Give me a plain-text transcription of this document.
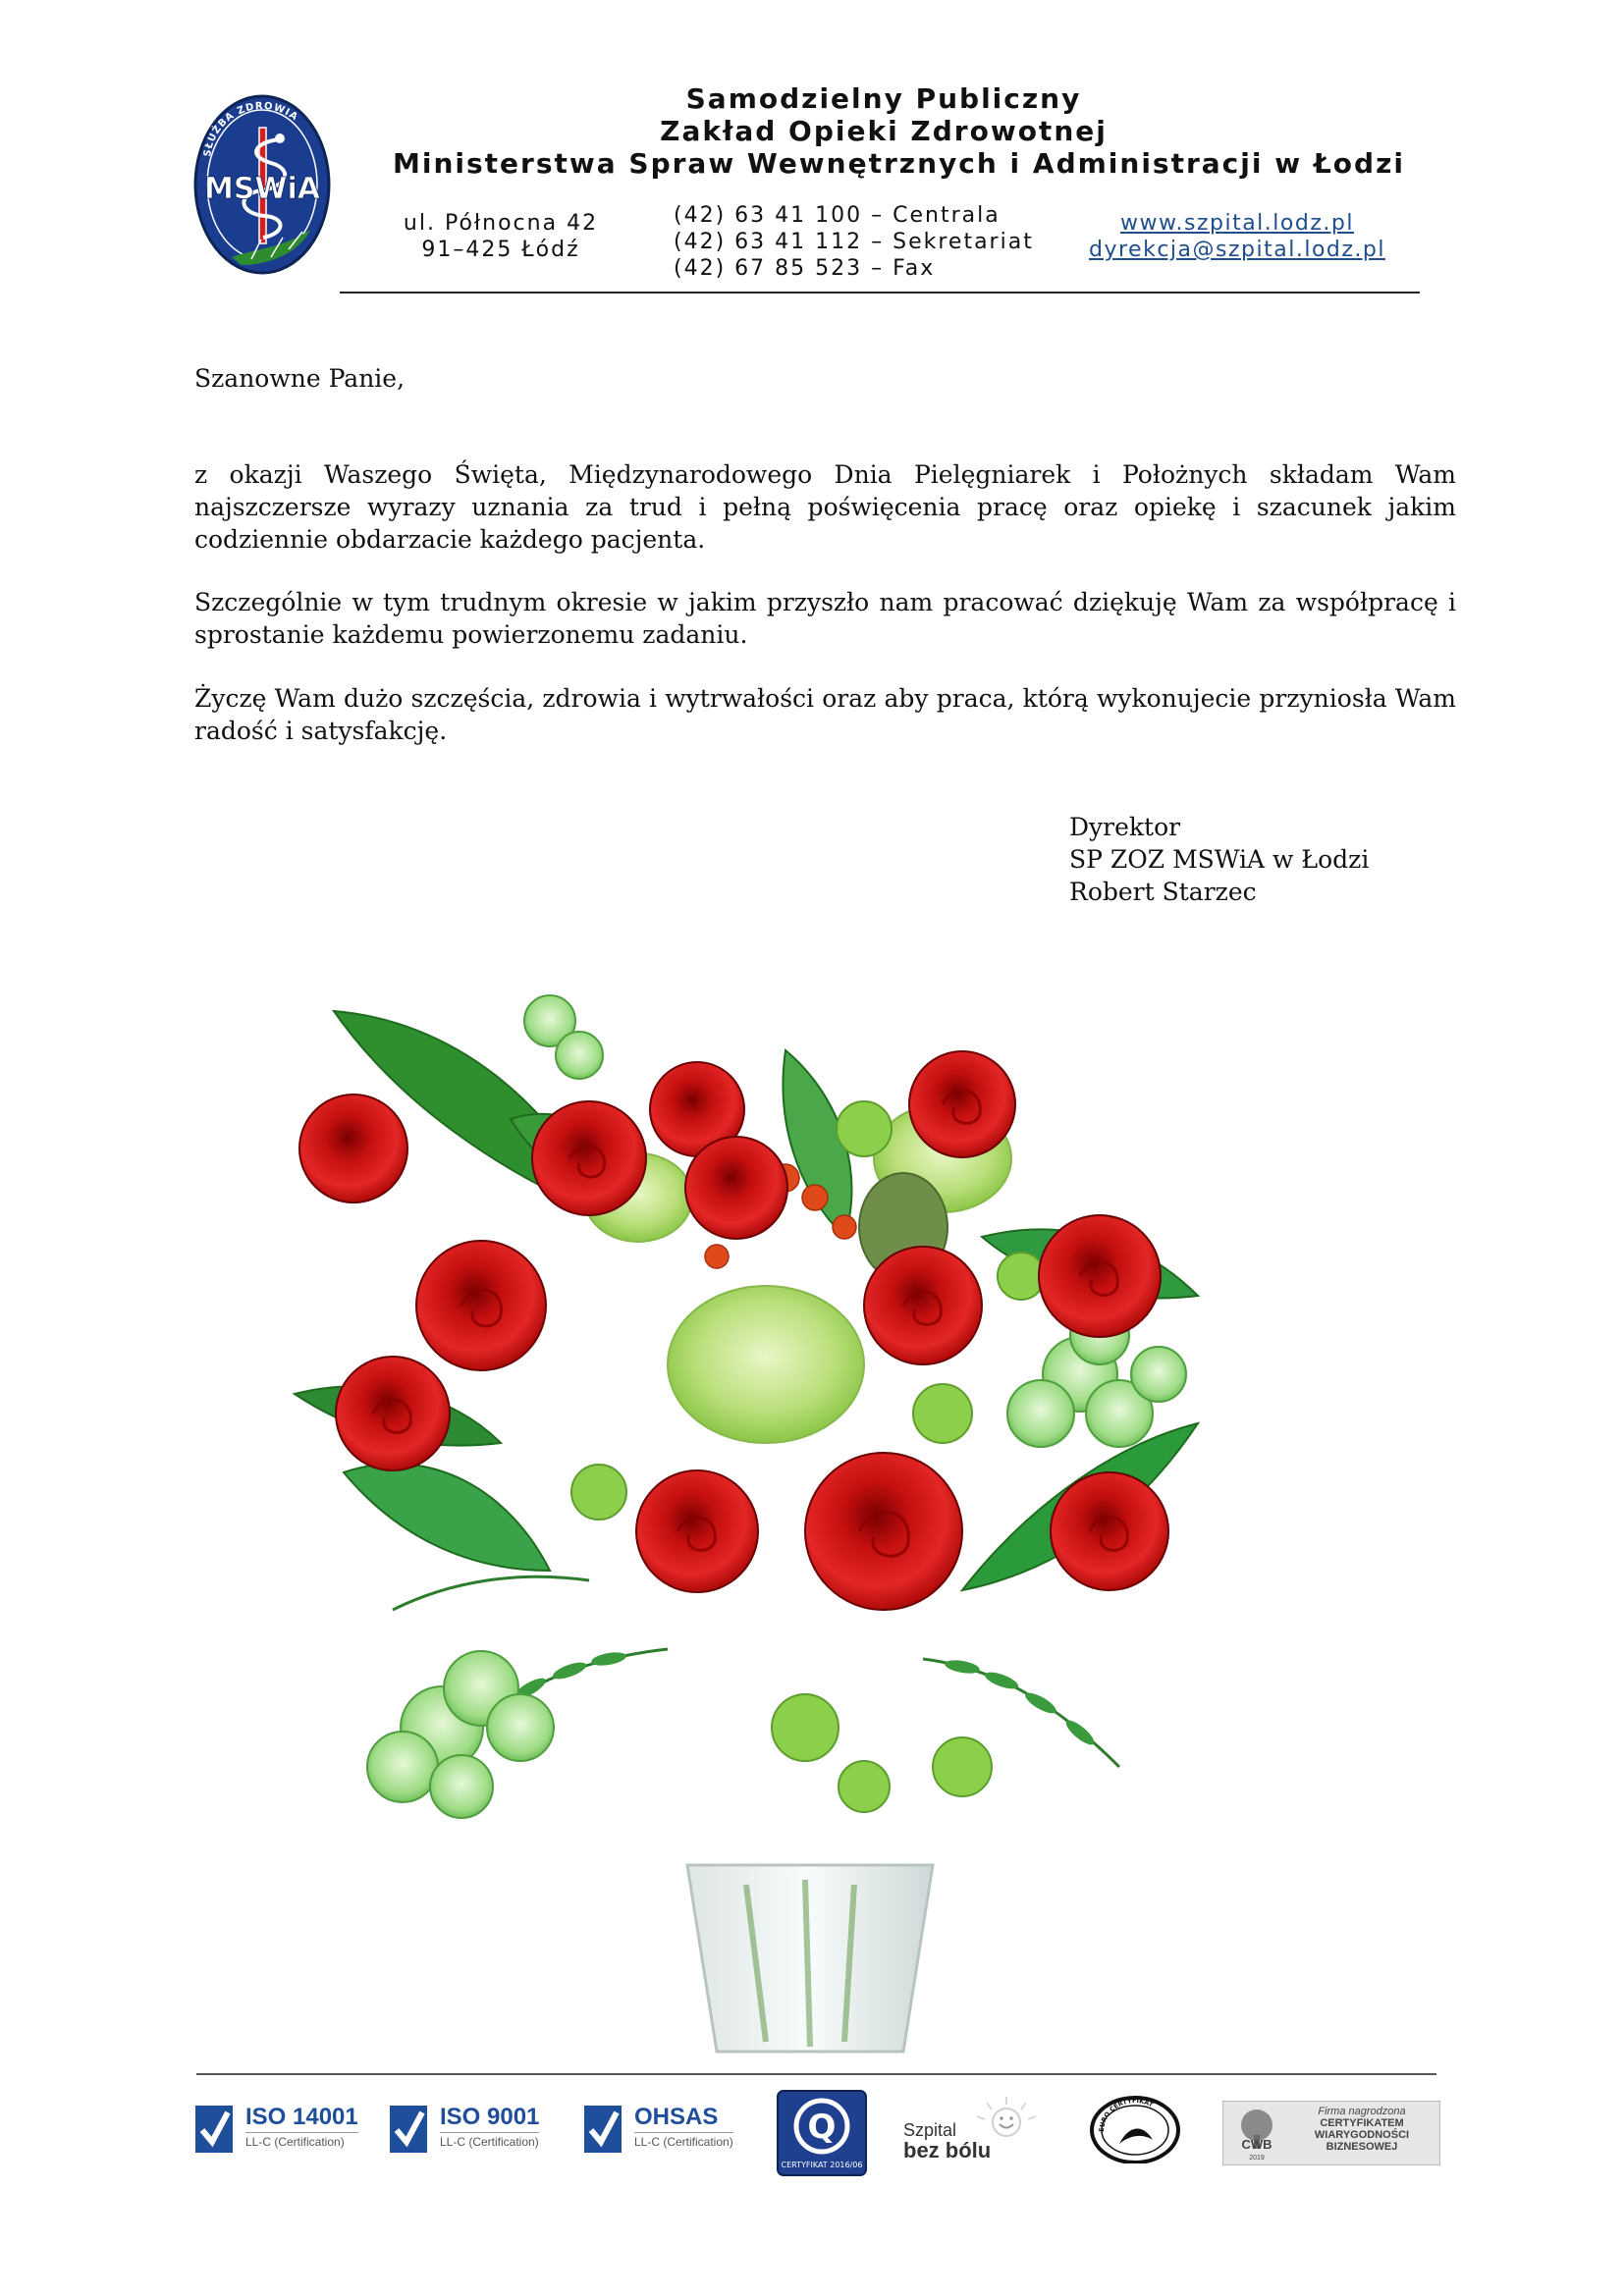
SŁUŻBA ZDROWIA
MSWiA
Samodzielny Publiczny
Zakład Opieki Zdrowotnej
Ministerstwa Spraw Wewnętrznych i Administracji w Łodzi
ul. Północna 42
91–425 Łódź
(42) 63 41 100 – Centrala
(42) 63 41 112 – Sekretariat
(42) 67 85 523 – Fax
www.szpital.lodz.pl
dyrekcja@szpital.lodz.pl
Szanowne Panie,

z okazji Waszego Święta, Międzynarodowego Dnia Pielęgniarek i Położnych składam Wam najszczersze wyrazy uznania za trud i pełną poświęcenia pracę oraz opiekę i szacunek jakim codziennie obdarzacie każdego pacjenta.

Szczególnie w tym trudnym okresie w jakim przyszło nam pracować dziękuję Wam za współpracę i sprostanie każdemu powierzonemu zadaniu.

Życzę Wam dużo szczęścia, zdrowia i wytrwałości oraz aby praca, którą wykonujecie przyniosła Wam radość i satysfakcję.

Dyrektor
SP ZOZ MSWiA w Łodzi
Robert Starzec
ISO 14001
LL-C (Certification)
ISO 9001
LL-C (Certification)
OHSAS
LL-C (Certification) Q
CERTYFIKAT 2016/06
Szpital
bez bólu
EURO CERTYFIKAT
CWB
2019
Firma nagrodzona
CERTYFIKATEM
WIARYGODNOŚCI
BIZNESOWEJ
